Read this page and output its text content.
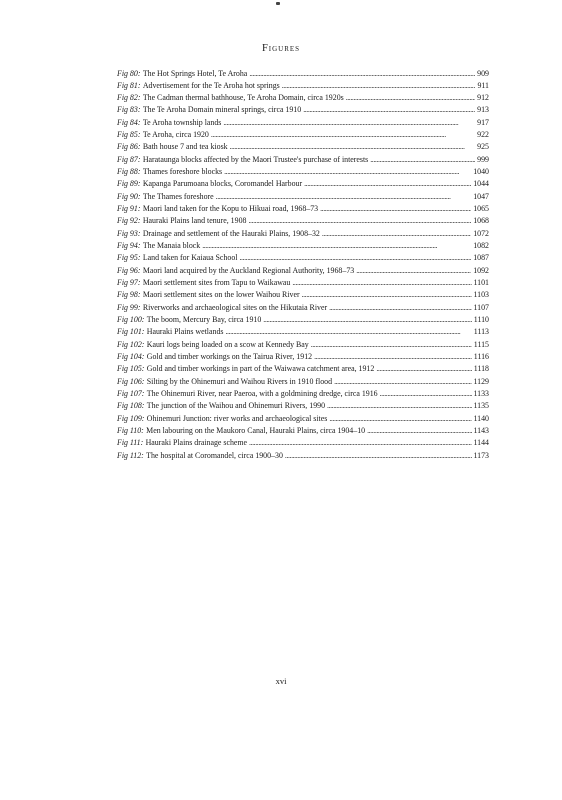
Figures
Fig 80: The Hot Springs Hotel, Te Aroha . . .	909
Fig 81: Advertisement for the Te Aroha hot springs . . .	911
Fig 82: The Cadman thermal bathhouse, Te Aroha Domain, circa 1920s . . .	912
Fig 83: The Te Aroha Domain mineral springs, circa 1910 . . .	913
Fig 84: Te Aroha township lands . . .	917
Fig 85: Te Aroha, circa 1920 . . .	922
Fig 86: Bath house 7 and tea kiosk . . .	925
Fig 87: Harataunga blocks affected by the Maori Trustee's purchase of interests . . .	999
Fig 88: Thames foreshore blocks . . .	1040
Fig 89: Kapanga Parumoana blocks, Coromandel Harbour . . .	1044
Fig 90: The Thames foreshore . . .	1047
Fig 91: Maori land taken for the Kopu to Hikuai road, 1968–73 . . .	1065
Fig 92: Hauraki Plains land tenure, 1908 . . .	1068
Fig 93: Drainage and settlement of the Hauraki Plains, 1908–32 . . .	1072
Fig 94: The Manaia block . . .	1082
Fig 95: Land taken for Kaiaua School . . .	1087
Fig 96: Maori land acquired by the Auckland Regional Authority, 1968–73 . . .	1092
Fig 97: Maori settlement sites from Tapu to Waikawau . . .	1101
Fig 98: Maori settlement sites on the lower Waihou River . . .	1103
Fig 99: Riverworks and archaeological sites on the Hikutaia River . . .	1107
Fig 100: The boom, Mercury Bay, circa 1910 . . .	1110
Fig 101: Hauraki Plains wetlands . . .	1113
Fig 102: Kauri logs being loaded on a scow at Kennedy Bay . . .	1115
Fig 104: Gold and timber workings on the Tairua River, 1912 . . .	1116
Fig 105: Gold and timber workings in part of the Waiwawa catchment area, 1912 . . .	1118
Fig 106: Silting by the Ohinemuri and Waihou Rivers in 1910 flood . . .	1129
Fig 107: The Ohinemuri River, near Paeroa, with a goldmining dredge, circa 1916 . . .	1133
Fig 108: The junction of the Waihou and Ohinemuri Rivers, 1990 . . .	1135
Fig 109: Ohinemuri Junction: river works and archaeological sites . . .	1140
Fig 110: Men labouring on the Maukoro Canal, Hauraki Plains, circa 1904–10 . . .	1143
Fig 111: Hauraki Plains drainage scheme . . .	1144
Fig 112: The hospital at Coromandel, circa 1900–30 . . .	1173
xvi
